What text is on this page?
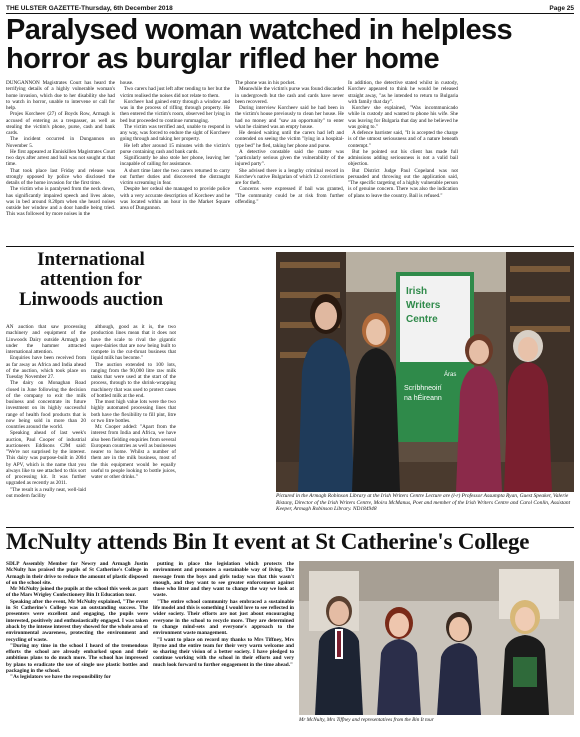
THE ULSTER GAZETTE-Thursday, 6th December 2018	Page 25
Paralysed woman watched in helpless horror as burglar rifled her home

DUNGANNON Magistrates Court has heard the terrifying details of a highly vulnerable woman's home invasion, which due to her disability she had to watch in horror, unable to intervene or call for help.

Projes Korcheev (27) of Boyds Row, Armagh is accused of entering as a trespasser, as well as stealing the victim's phone, purse, cash and bank cards.

The incident occurred in Dungannon on November 5.

He first appeared at Enniskillen Magistrates Court two days after arrest and bail was not sought at that time.

That took place last Friday and release was strongly opposed by police who disclosed the details of the home invasion for the first time.

The victim who is paralysed from the neck down, has significantly impaired speech and lives alone, was in bed around 8.20pm when she heard noises outside her window and a door handle being tried. This was followed by more noises in the

house.

Two carers had just left after tending to her but the victim realised the noises did not relate to them.

Korcheev had gained entry through a window and was in the process of rifling through property. He then entered the victim's room, observed her lying in bed but proceeded to continue rummaging.

The victim was terrified and, unable to respond in any way, was forced to endure the sight of Korcheev going through and taking her property.

He left after around 15 minutes with the victim's purse containing cash and bank cards.

Significantly he also stole her phone, leaving her incapable of calling for assistance.

A short time later the two carers returned to carry out further duties and discovered the distraught victim screaming in fear.

Despite her ordeal she managed to provide police with a very accurate description of Korcheev and he was located within an hour in the Market Square area of Dungannon.

The phone was in his pocket.

Meanwhile the victim's purse was found discarded in undergrowth but the cash and cards have never been recovered.

During interview Korcheev said he had been in the victim's house previously to clean her house. He had no money and "saw an opportunity" to enter what he claimed was an empty house.

He denied waiting until the carers had left and contended on seeing the victim "lying in a hospital-type bed" he fled, taking her phone and purse.

A detective constable said the matter was "particularly serious given the vulnerability of the injured party".

She advised there is a lengthy criminal record in Korchev's native Bulgarian of which 12 convictions are for theft.

Concerns were expressed if bail was granted, "The community could be at risk from further offending."

In addition, the detective stated whilst in custody, Korchev appeared to think he would be released straight away, "as he intended to return to Bulgaria with family that day".

Korchev she explained, "Was incommunicado while in custody and wanted to phone his wife. She was leaving for Bulgaria that day and he believed he was going to."

A defence barrister said, "It is accepted the charge is of the utmost seriousness and of a nature beneath contempt."

But he pointed out his client has made full admissions adding seriousness is not a valid bail objection.

But District Judge Paul Copeland was not persuaded and throwing out the application said, "The specific targeting of a highly vulnerable person is of genuine concern. There was also the indication of plans to leave the country. Bail is refused."

International attention for Linwoods auction

AN auction that saw processing machinery and equipment of the Linwoods Dairy outside Armagh go under the hammer attracted international attention.

Enquiries have been received from as far away as Africa and India ahead of the auction, which took place on Tuesday November 27.

The dairy on Monaghan Road closed in June following the decision of the company to exit the milk business and concentrate its future investment on its highly successful range of health food products that is now being sold in more than 20 countries around the world.

Speaking ahead of last week's auction, Paul Cooper of industrial auctioneers Eddisons CJM said: "We're not surprised by the interest. This dairy was purpose-built in 2004 by APV, which is the name that you always like to see attached to this sort of processing kit. It was further upgraded as recently as 2011.

"The result is a really neat, well-laid out modern facility

although, good as it is, the two production lines mean that it does not have the scale to rival the gigantic super-dairies that are now being built to compete in the cut-throat business that liquid milk has become."

The auction extended to 100 lots, ranging from the 90,000 litre raw milk tanks that were used at the start of the process, through to the shrink-wrapping machinery that was used to protect cases of bottled milk at the end.

The most high value lots were the two highly automated processing lines that both have the flexibility to fill pint, litre or two litre bottles.

Mr. Cooper added: "Apart from the interest from India and Africa, we have also been fielding enquiries from several European countries as well as businesses nearer to home. Whilst a number of them are in the milk business, most of the this equipment would be equally useful to people looking to bottle juices, water or other drinks."

Irish
Writers
Centre
Áras
Scríbhneoirí
na hÉireann
Pictured in the Armagh Robinson Library at the Irish Writers Centre Lecture are (l-r) Professor Assumpta Ryan, Guest Speaker, Valerie Bistany, Director of the Irish Writers Centre, Moira McManus, Poet and member of the Irish Writers Centre and Carol Conlin, Assistant Keeper, Armagh Robinson Library. ND184948
McNulty attends Bin It event at St Catherine's College

SDLP Assembly Member for Newry and Armagh Justin McNulty has praised the pupils of St Catherine's College in Armagh in their drive to reduce the amount of plastic disposed of on the school site.

Mr McNulty joined the pupils at the school this week as part of the Mars Wrigley Confectionery Bin It Education tour.

Speaking after the event, Mr McNulty explained, "The event in St Catherine's College was an outstanding success. The presenters were excellent and engaging, the pupils were interested, positively and enthusiastically engaged. I was taken aback by the intense interest they showed for the whole area of environmental awareness, protecting the environment and recycling of waste.

"During my time in the school I heard of the tremendous efforts the school are already embarked upon and their ambitious plans to do much more. The school has impressed by plans to eradicate the use of single use plastic bottles and packaging in the school.

"As legislators we have the responsibility for

putting in place the legislation which protects the environment and promotes a sustainable way of living. The message from the boys and girls today was that this wasn't enough, and they want to see greater enforcement against those who litter and they want to change the way we look at waste.

"The entire school community has embraced a sustainable life model and this is something I would love to see reflected in wider society. Their efforts are not just about encouraging everyone in the school to recycle more. They are determined to change mind-sets and everyone's approach to the environment waste management.

"I want to place on record my thanks to Mrs Tiffney, Mrs Byrne and the entire team for their very warm welcome and so sharing their vision of a better society. I have pledged to continue working with the school in their efforts and very much look forward to further engagement in the time ahead."

Mr McNulty, Mrs Tiffney and representatives from the Bin It tour
